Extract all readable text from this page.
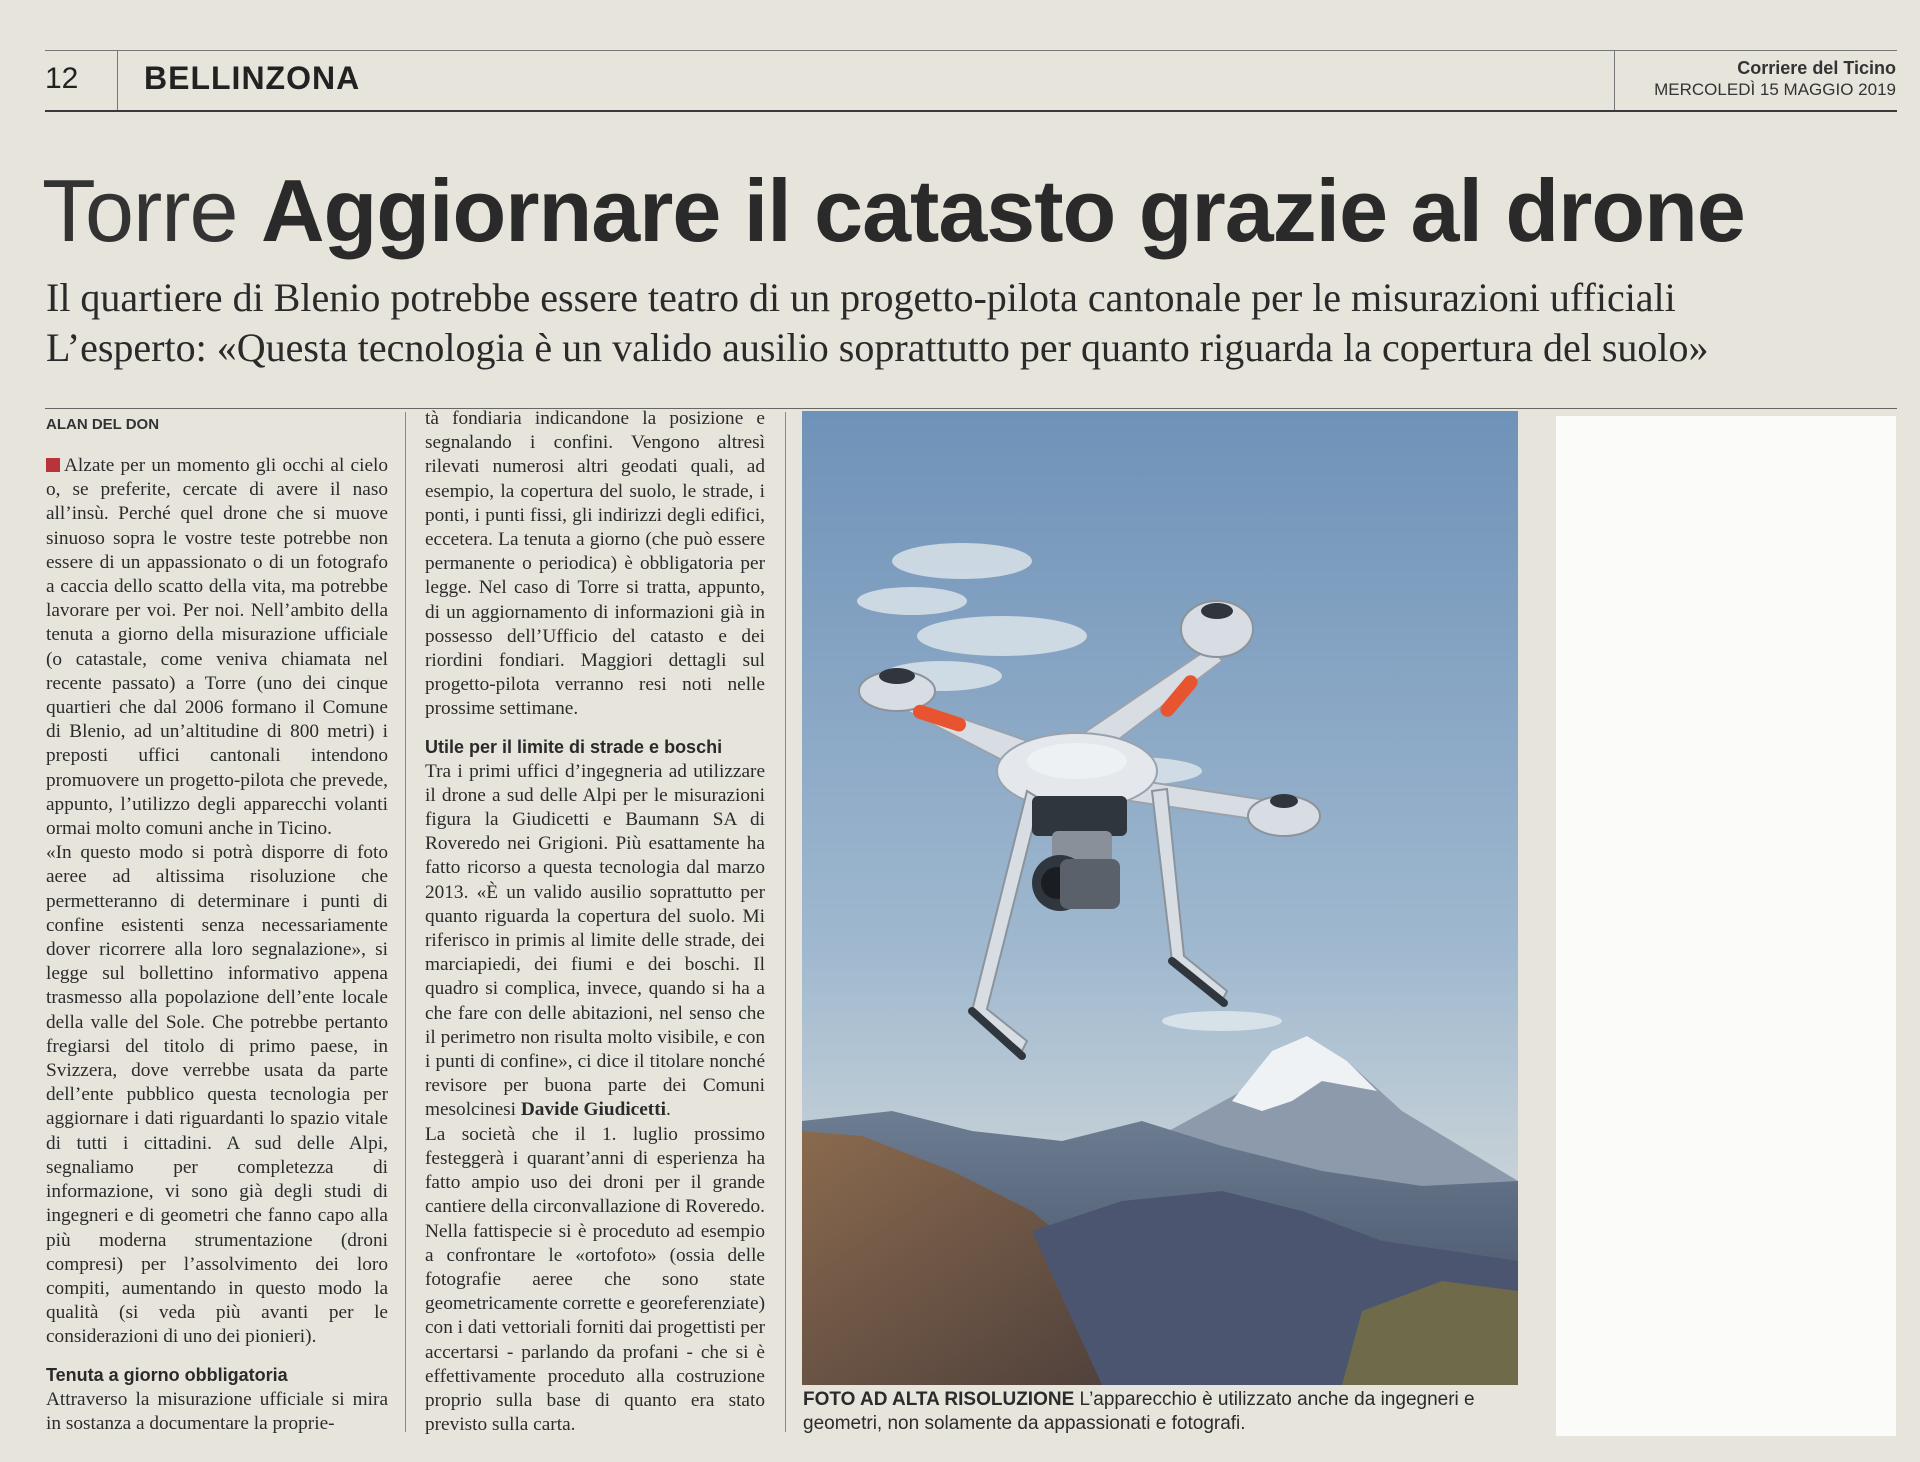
12	BELLINZONA	Corriere del Ticino
MERCOLEDÌ 15 MAGGIO 2019
Torre Aggiornare il catasto grazie al drone
Il quartiere di Blenio potrebbe essere teatro di un progetto-pilota cantonale per le misurazioni ufficiali
L’esperto: «Questa tecnologia è un valido ausilio soprattutto per quanto riguarda la copertura del suolo»
ALAN DEL DON

Alzate per un momento gli occhi al cielo o, se preferite, cercate di avere il naso all’insù. Perché quel drone che si muove sinuoso sopra le vostre teste potrebbe non essere di un appassionato o di un fotografo a caccia dello scatto della vita, ma potrebbe lavorare per voi. Per noi. Nell’ambito della tenuta a giorno della misurazione ufficiale (o catastale, come veniva chiamata nel recente passato) a Torre (uno dei cinque quartieri che dal 2006 formano il Comune di Blenio, ad un’altitudine di 800 metri) i preposti uffici cantonali intendono promuovere un progetto-pilota che prevede, appunto, l’utilizzo degli apparecchi volanti ormai molto comuni anche in Ticino.

«In questo modo si potrà disporre di foto aeree ad altissima risoluzione che permetteranno di determinare i punti di confine esistenti senza necessariamente dover ricorrere alla loro segnalazione», si legge sul bollettino informativo appena trasmesso alla popolazione dell’ente locale della valle del Sole. Che potrebbe pertanto fregiarsi del titolo di primo paese, in Svizzera, dove verrebbe usata da parte dell’ente pubblico questa tecnologia per aggiornare i dati riguardanti lo spazio vitale di tutti i cittadini. A sud delle Alpi, segnaliamo per completezza di informazione, vi sono già degli studi di ingegneri e di geometri che fanno capo alla più moderna strumentazione (droni compresi) per l’assolvimento dei loro compiti, aumentando in questo modo la qualità (si veda più avanti per le considerazioni di uno dei pionieri).

Tenuta a giorno obbligatoria

Attraverso la misurazione ufficiale si mira in sostanza a documentare la proprie-

tà fondiaria indicandone la posizione e segnalando i confini. Vengono altresì rilevati numerosi altri geodati quali, ad esempio, la copertura del suolo, le strade, i ponti, i punti fissi, gli indirizzi degli edifici, eccetera. La tenuta a giorno (che può essere permanente o periodica) è obbligatoria per legge. Nel caso di Torre si tratta, appunto, di un aggiornamento di informazioni già in possesso dell’Ufficio del catasto e dei riordini fondiari. Maggiori dettagli sul progetto-pilota verranno resi noti nelle prossime settimane.

Utile per il limite di strade e boschi

Tra i primi uffici d’ingegneria ad utilizzare il drone a sud delle Alpi per le misurazioni figura la Giudicetti e Baumann SA di Roveredo nei Grigioni. Più esattamente ha fatto ricorso a questa tecnologia dal marzo 2013. «È un valido ausilio soprattutto per quanto riguarda la copertura del suolo. Mi riferisco in primis al limite delle strade, dei marciapiedi, dei fiumi e dei boschi. Il quadro si complica, invece, quando si ha a che fare con delle abitazioni, nel senso che il perimetro non risulta molto visibile, e con i punti di confine», ci dice il titolare nonché revisore per buona parte dei Comuni mesolcinesi Davide Giudicetti.

La società che il 1. luglio prossimo festeggerà i quarant’anni di esperienza ha fatto ampio uso dei droni per il grande cantiere della circonvallazione di Roveredo. Nella fattispecie si è proceduto ad esempio a confrontare le «ortofoto» (ossia delle fotografie aeree che sono state geometricamente corrette e georeferenziate) con i dati vettoriali forniti dai progettisti per accertarsi - parlando da profani - che si è effettivamente proceduto alla costruzione proprio sulla base di quanto era stato previsto sulla carta.

FOTO AD ALTA RISOLUZIONE L’apparecchio è utilizzato anche da ingegneri e geometri, non solamente da appassionati e fotografi.
